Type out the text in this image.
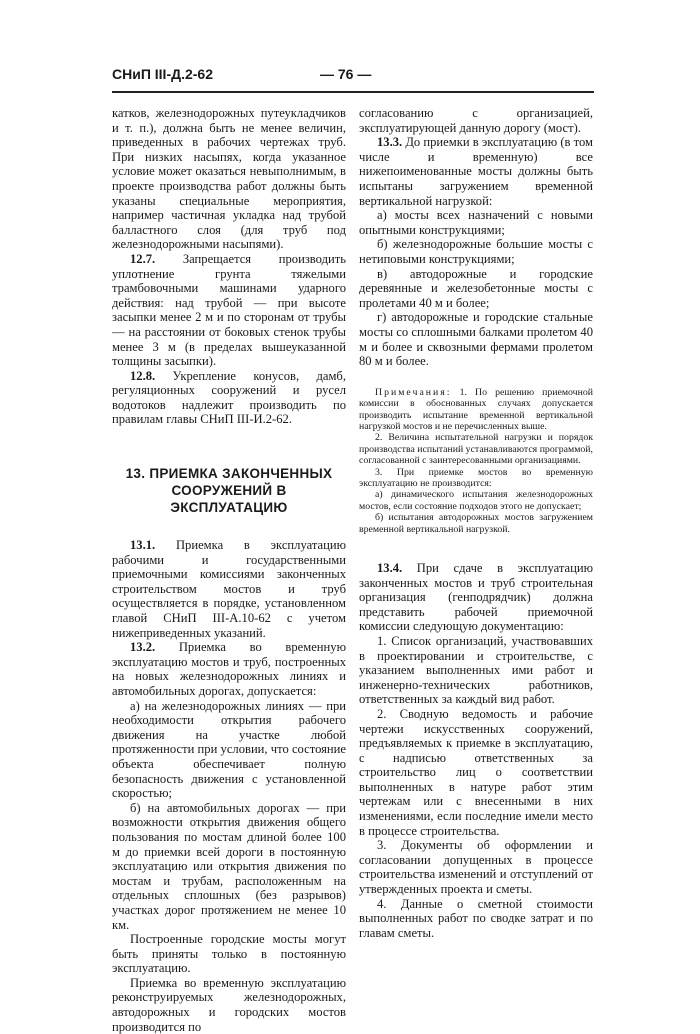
СНиП III-Д.2-62	— 76 —

катков, железнодорожных путеукладчиков и т. п.), должна быть не менее величин, приведенных в рабочих чертежах труб. При низких насыпях, когда указанное условие может оказаться невыполнимым, в проекте производства работ должны быть указаны специальные мероприятия, например частичная укладка над трубой балластного слоя (для труб под железнодорожными насыпями).

12.7. Запрещается производить уплотнение грунта тяжелыми трамбовочными машинами ударного действия: над трубой — при высоте засыпки менее 2 м и по сторонам от трубы — на расстоянии от боковых стенок трубы менее 3 м (в пределах вышеуказанной толщины засыпки).

12.8. Укрепление конусов, дамб, регуляционных сооружений и русел водотоков надлежит производить по правилам главы СНиП III-И.2-62.

13. ПРИЕМКА ЗАКОНЧЕННЫХ
СООРУЖЕНИЙ В ЭКСПЛУАТАЦИЮ

13.1. Приемка в эксплуатацию рабочими и государственными приемочными комиссиями законченных строительством мостов и труб осуществляется в порядке, установленном главой СНиП III-А.10-62 с учетом нижеприведенных указаний.

13.2. Приемка во временную эксплуатацию мостов и труб, построенных на новых железнодорожных линиях и автомобильных дорогах, допускается:

а) на железнодорожных линиях — при необходимости открытия рабочего движения на участке любой протяженности при условии, что состояние объекта обеспечивает полную безопасность движения с установленной скоростью;

б) на автомобильных дорогах — при возможности открытия движения общего пользования по мостам длиной более 100 м до приемки всей дороги в постоянную эксплуатацию или открытия движения по мостам и трубам, расположенным на отдельных сплошных (без разрывов) участках дорог протяжением не менее 10 км.

Построенные городские мосты могут быть приняты только в постоянную эксплуатацию.

Приемка во временную эксплуатацию реконструируемых железнодорожных, автодорожных и городских мостов производится по

согласованию с организацией, эксплуатирующей данную дорогу (мост).

13.3. До приемки в эксплуатацию (в том числе и временную) все нижепоименованные мосты должны быть испытаны загружением временной вертикальной нагрузкой:

а) мосты всех назначений с новыми опытными конструкциями;

б) железнодорожные большие мосты с нетиповыми конструкциями;

в) автодорожные и городские деревянные и железобетонные мосты с пролетами 40 м и более;

г) автодорожные и городские стальные мосты со сплошными балками пролетом 40 м и более и сквозными фермами пролетом 80 м и более.

Примечания: 1. По решению приемочной комиссии в обоснованных случаях допускается производить испытание временной вертикальной нагрузкой мостов и не перечисленных выше.

2. Величина испытательной нагрузки и порядок производства испытаний устанавливаются программой, согласованной с заинтересованными организациями.

3. При приемке мостов во временную эксплуатацию не производится:

а) динамического испытания железнодорожных мостов, если состояние подходов этого не допускает;

б) испытания автодорожных мостов загружением временной вертикальной нагрузкой.

13.4. При сдаче в эксплуатацию законченных мостов и труб строительная организация (генподрядчик) должна представить рабочей приемочной комиссии следующую документацию:

1. Список организаций, участвовавших в проектировании и строительстве, с указанием выполненных ими работ и инженерно-технических работников, ответственных за каждый вид работ.

2. Сводную ведомость и рабочие чертежи искусственных сооружений, предъявляемых к приемке в эксплуатацию, с надписью ответственных за строительство лиц о соответствии выполненных в натуре работ этим чертежам или с внесенными в них изменениями, если последние имели место в процессе строительства.

3. Документы об оформлении и согласовании допущенных в процессе строительства изменений и отступлений от утвержденных проекта и сметы.

4. Данные о сметной стоимости выполненных работ по сводке затрат и по главам сметы.
